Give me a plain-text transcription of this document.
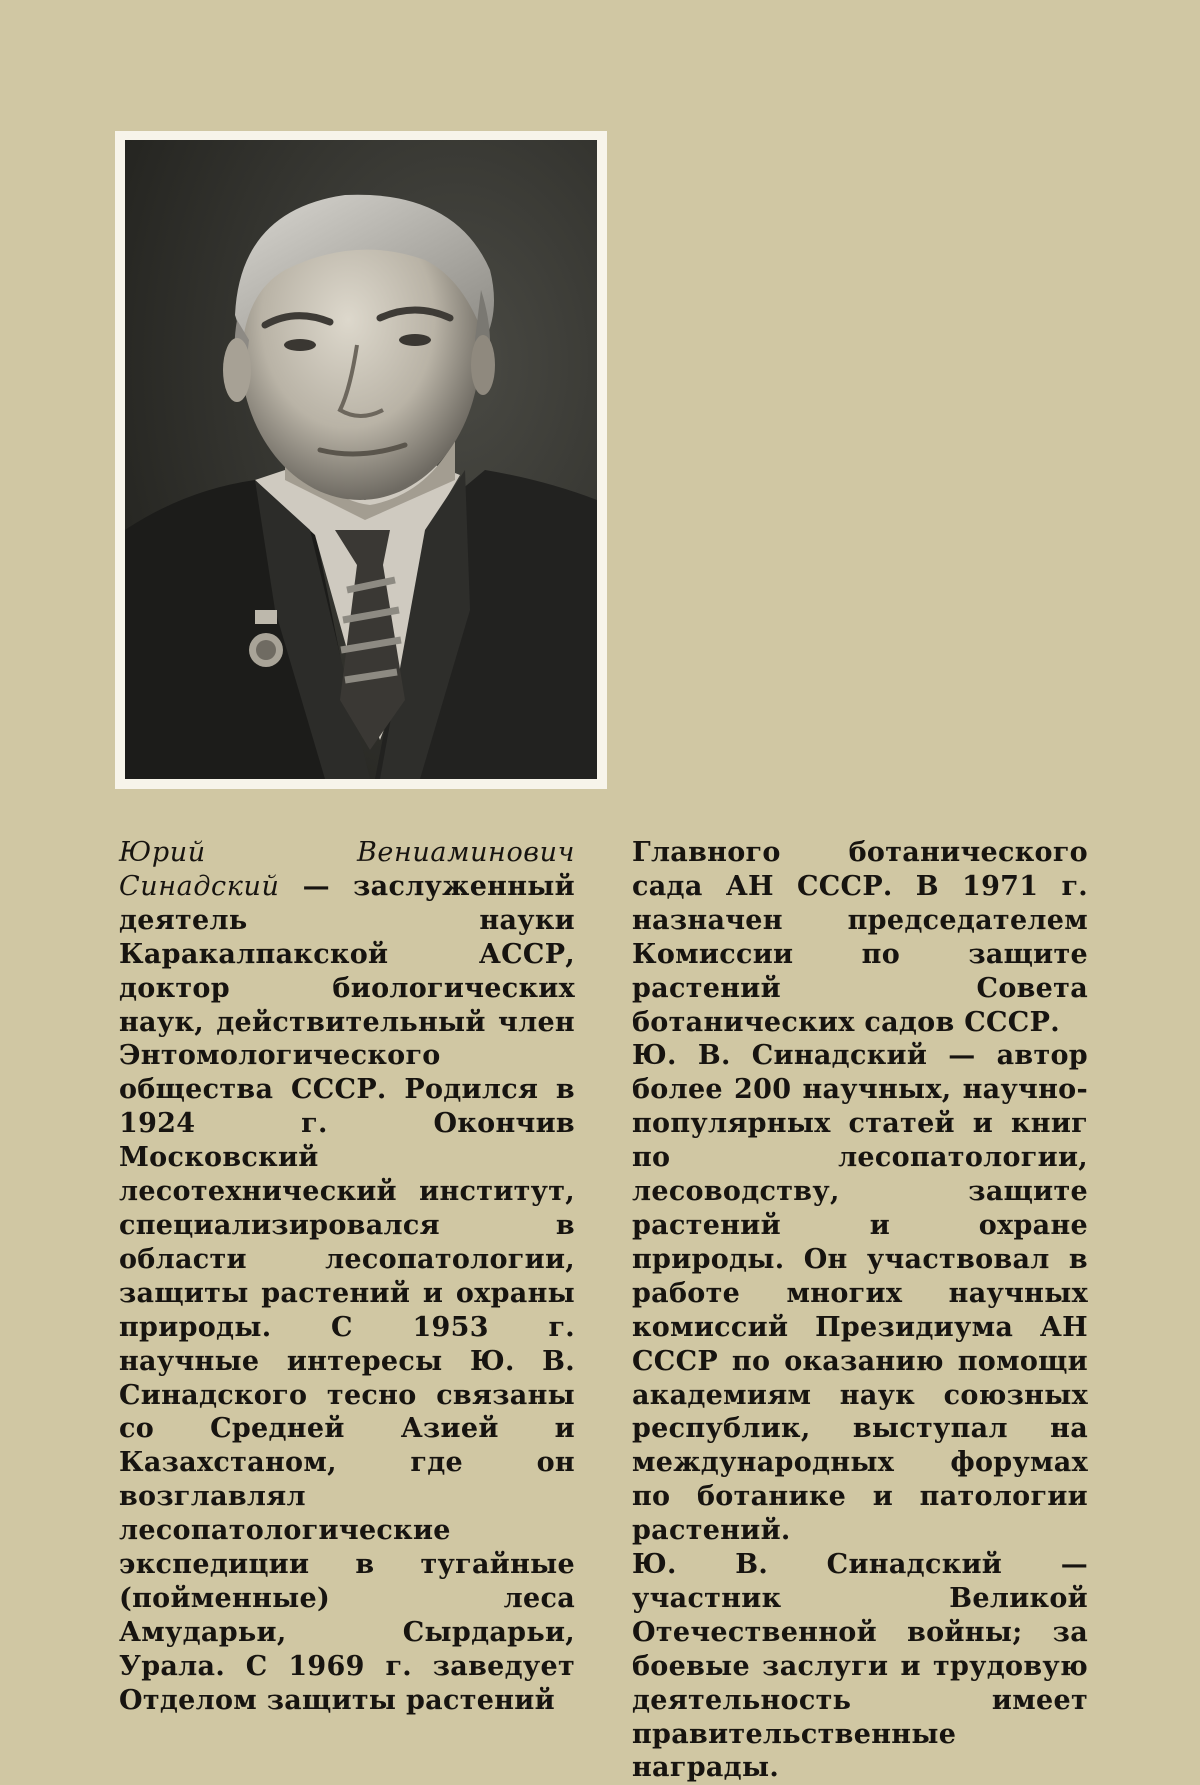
Юрий Вениаминович Синадский — заслуженный деятель науки Каракалпакской АССР, доктор биологических наук, действительный член Энтомологического общества СССР. Родился в 1924 г. Окончив Московский лесотехнический институт, специализировался в области лесопатологии, защиты растений и охраны природы. С 1953 г. научные интересы Ю. В. Синадского тесно связаны со Средней Азией и Казахстаном, где он возглавлял лесопатологические экспедиции в тугайные (пойменные) леса Амударьи, Сырдарьи, Урала. С 1969 г. заведует Отделом защиты растений

Главного ботанического сада АН СССР. В 1971 г. назначен председателем Комиссии по защите растений Совета ботанических садов СССР.

Ю. В. Синадский — автор более 200 научных, научно-популярных статей и книг по лесопатологии, лесоводству, защите растений и охране природы. Он участвовал в работе многих научных комиссий Президиума АН СССР по оказанию помощи академиям наук союзных республик, выступал на международных форумах по ботанике и патологии растений.

Ю. В. Синадский — участник Великой Отечественной войны; за боевые заслуги и трудовую деятельность имеет правительственные награды.
